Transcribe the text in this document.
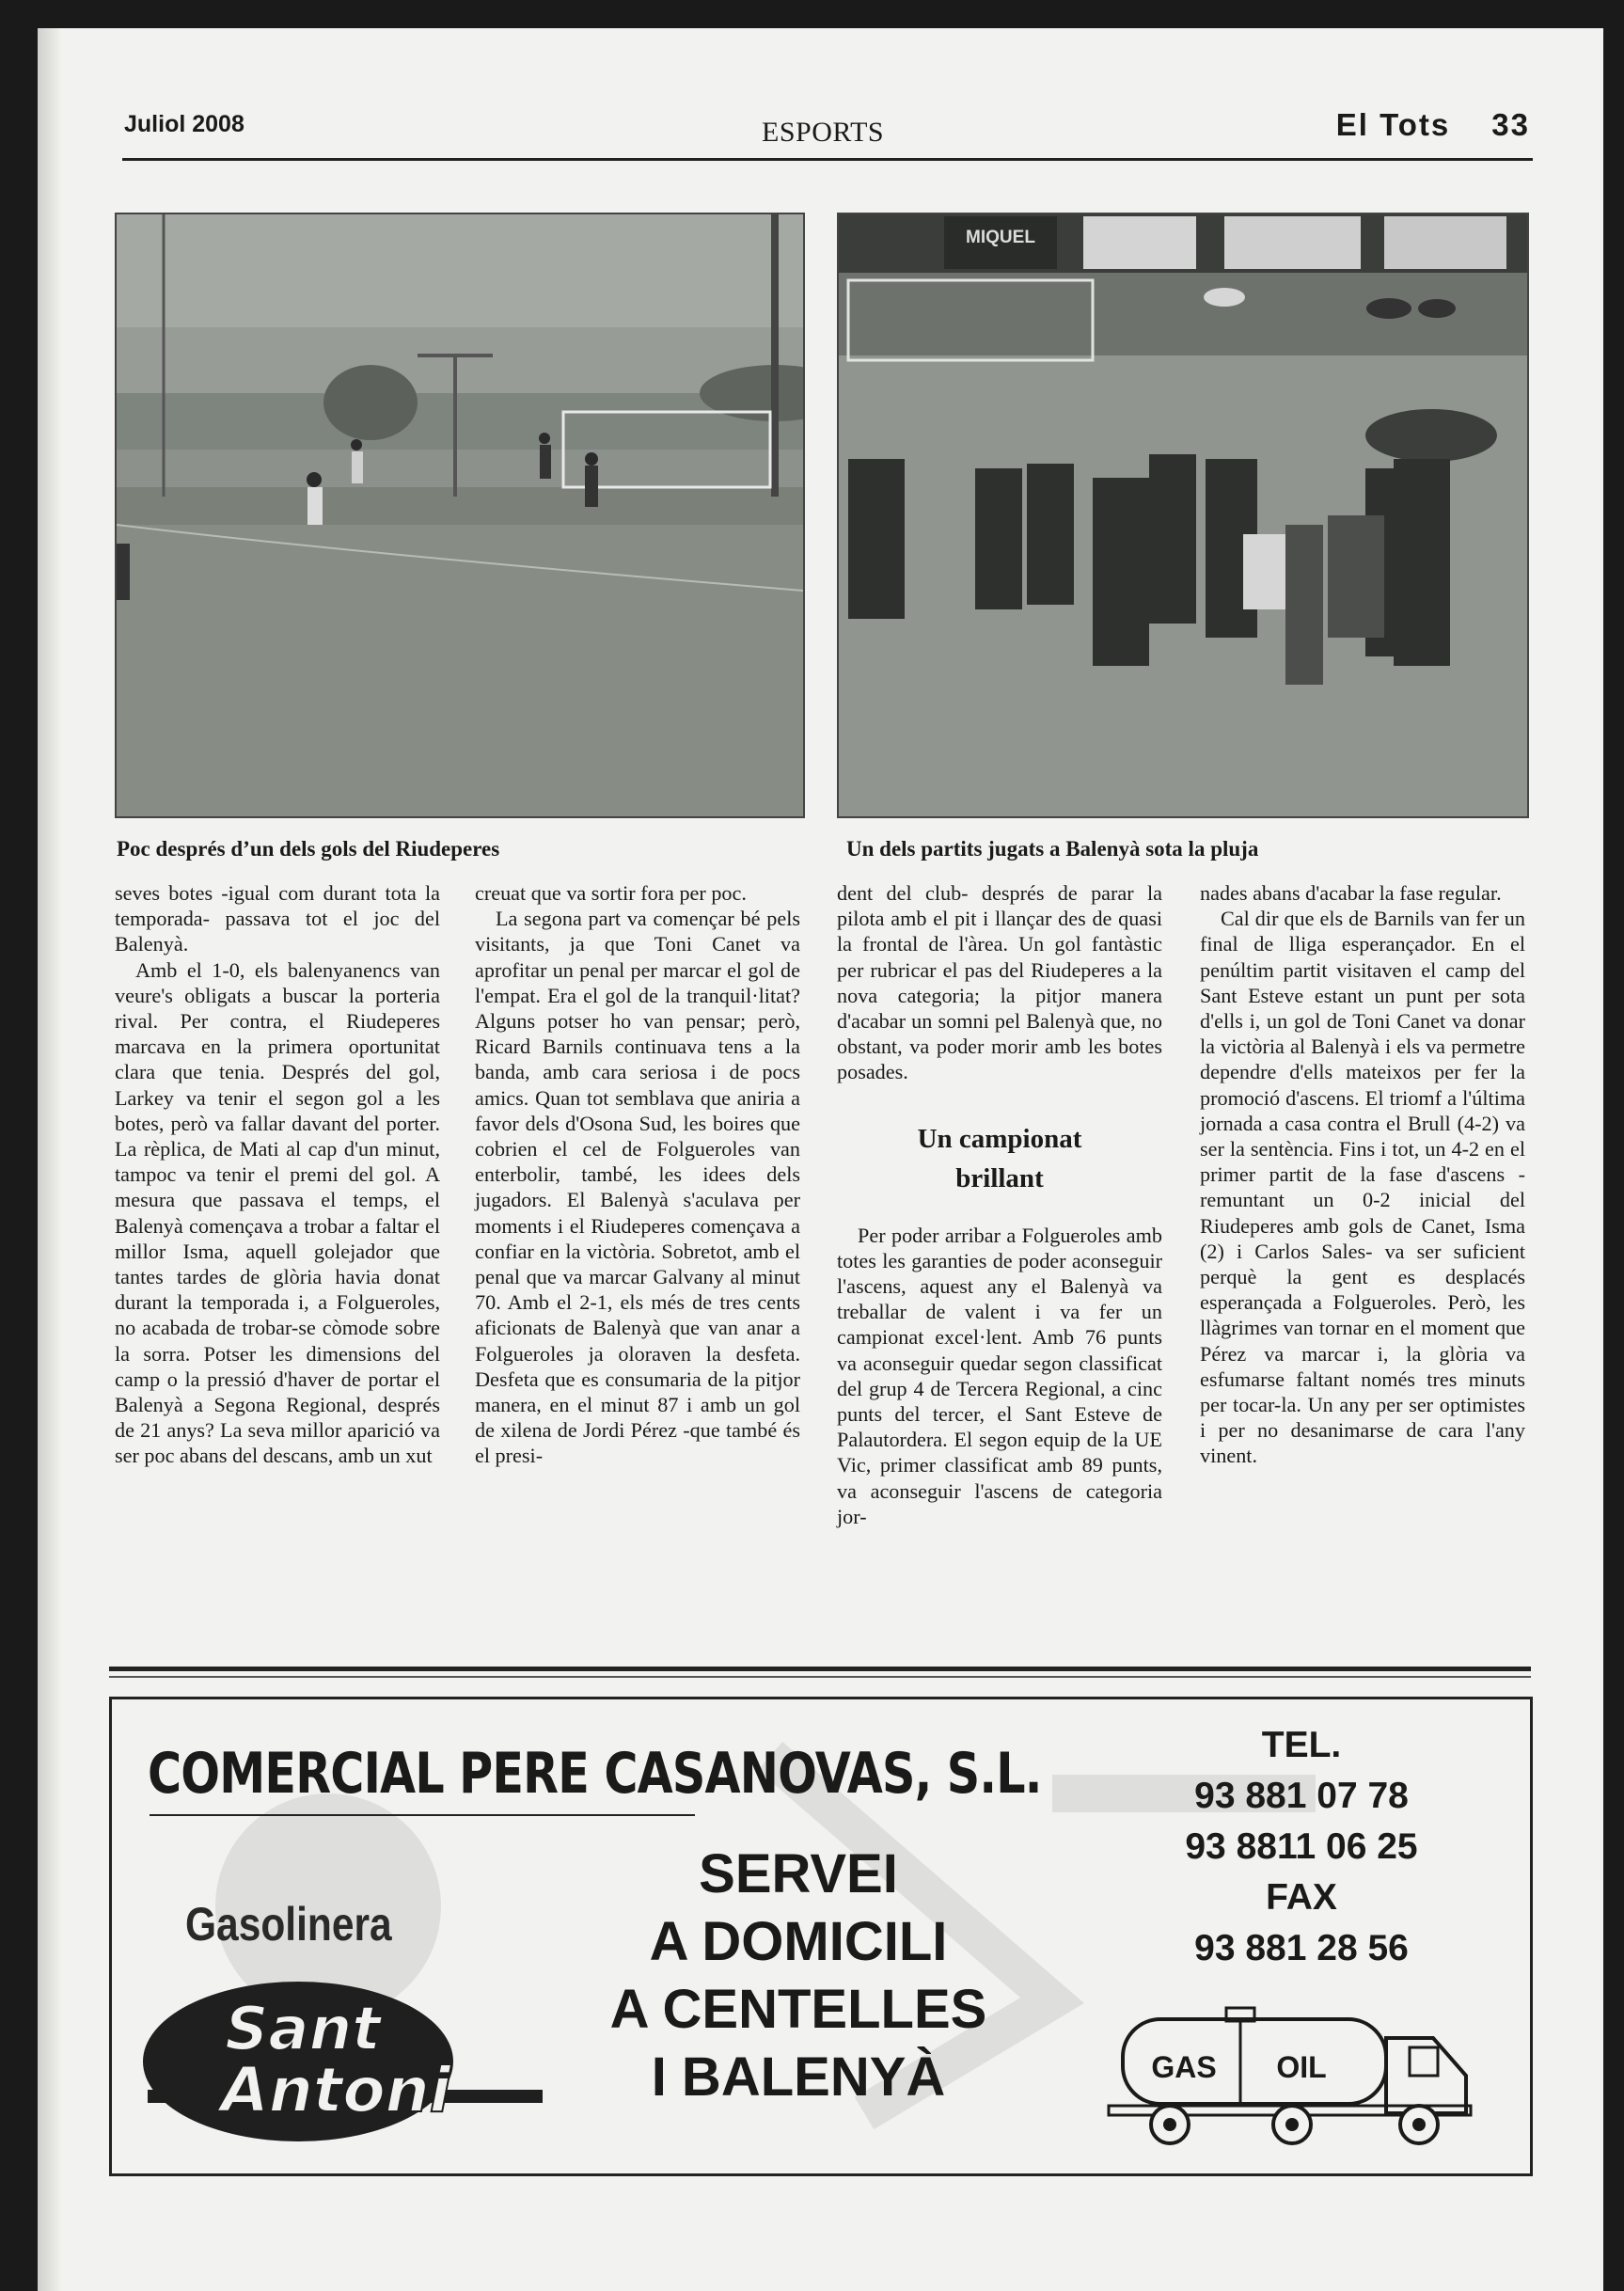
Juliol 2008	ESPORTS	El Tots 33
MIQUEL
Poc després d’un dels gols del Riudeperes	Un dels partits jugats a Balenyà sota la pluja

seves botes -igual com durant tota la temporada- passava tot el joc del Balenyà.

Amb el 1-0, els balenyanencs van veure's obligats a buscar la porteria rival. Per contra, el Riudeperes marcava en la primera oportunitat clara que tenia. Després del gol, Larkey va tenir el segon gol a les botes, però va fallar davant del porter. La rèplica, de Mati al cap d'un minut, tampoc va tenir el premi del gol. A mesura que passava el temps, el Balenyà començava a trobar a faltar el millor Isma, aquell golejador que tantes tardes de glòria havia donat durant la temporada i, a Folgueroles, no acabada de trobar-se còmode sobre la sorra. Potser les dimensions del camp o la pressió d'haver de portar el Balenyà a Segona Regional, després de 21 anys? La seva millor aparició va ser poc abans del descans, amb un xut

creuat que va sortir fora per poc.

La segona part va començar bé pels visitants, ja que Toni Canet va aprofitar un penal per marcar el gol de l'empat. Era el gol de la tranquil·litat? Alguns potser ho van pensar; però, Ricard Barnils continuava tens a la banda, amb cara seriosa i de pocs amics. Quan tot semblava que aniria a favor dels d'Osona Sud, les boires que cobrien el cel de Folgueroles van enterbolir, també, les idees dels jugadors. El Balenyà s'aculava per moments i el Riudeperes començava a confiar en la victòria. Sobretot, amb el penal que va marcar Galvany al minut 70. Amb el 2-1, els més de tres cents aficionats de Balenyà que van anar a Folgueroles ja oloraven la desfeta. Desfeta que es consumaria de la pitjor manera, en el minut 87 i amb un gol de xilena de Jordi Pérez -que també és el presi-

dent del club- després de parar la pilota amb el pit i llançar des de quasi la frontal de l'àrea. Un gol fantàstic per rubricar el pas del Riudeperes a la nova categoria; la pitjor manera d'acabar un somni pel Balenyà que, no obstant, va poder morir amb les botes posades.

Un campionat
brillant

Per poder arribar a Folgueroles amb totes les garanties de poder aconseguir l'ascens, aquest any el Balenyà va treballar de valent i va fer un campionat excel·lent. Amb 76 punts va aconseguir quedar segon classificat del grup 4 de Tercera Regional, a cinc punts del tercer, el Sant Esteve de Palautordera. El segon equip de la UE Vic, primer classificat amb 89 punts, va aconseguir l'ascens de categoria jor-

nades abans d'acabar la fase regular.

Cal dir que els de Barnils van fer un final de lliga esperançador. En el penúltim partit visitaven el camp del Sant Esteve estant un punt per sota d'ells i, un gol de Toni Canet va donar la victòria al Balenyà i els va permetre dependre d'ells mateixos per fer la promoció d'ascens. El triomf a l'última jornada a casa contra el Brull (4-2) va ser la sentència. Fins i tot, un 4-2 en el primer partit de la fase d'ascens -remuntant un 0-2 inicial del Riudeperes amb gols de Canet, Isma (2) i Carlos Sales- va ser suficient perquè la gent es desplacés esperançada a Folgueroles. Però, les llàgrimes van tornar en el moment que Pérez va marcar i, la glòria va esfumarse faltant només tres minuts per tocar-la. Un any per ser optimistes i per no desanimarse de cara l'any vinent.

COMERCIAL PERE CASANOVAS, S.L.
Gasolinera
Sant
Antoni
SERVEI
A DOMICILI
A CENTELLES
I BALENYÀ
TEL.
93 881 07 78
93 8811 06 25
FAX
93 881 28 56
GAS OIL
